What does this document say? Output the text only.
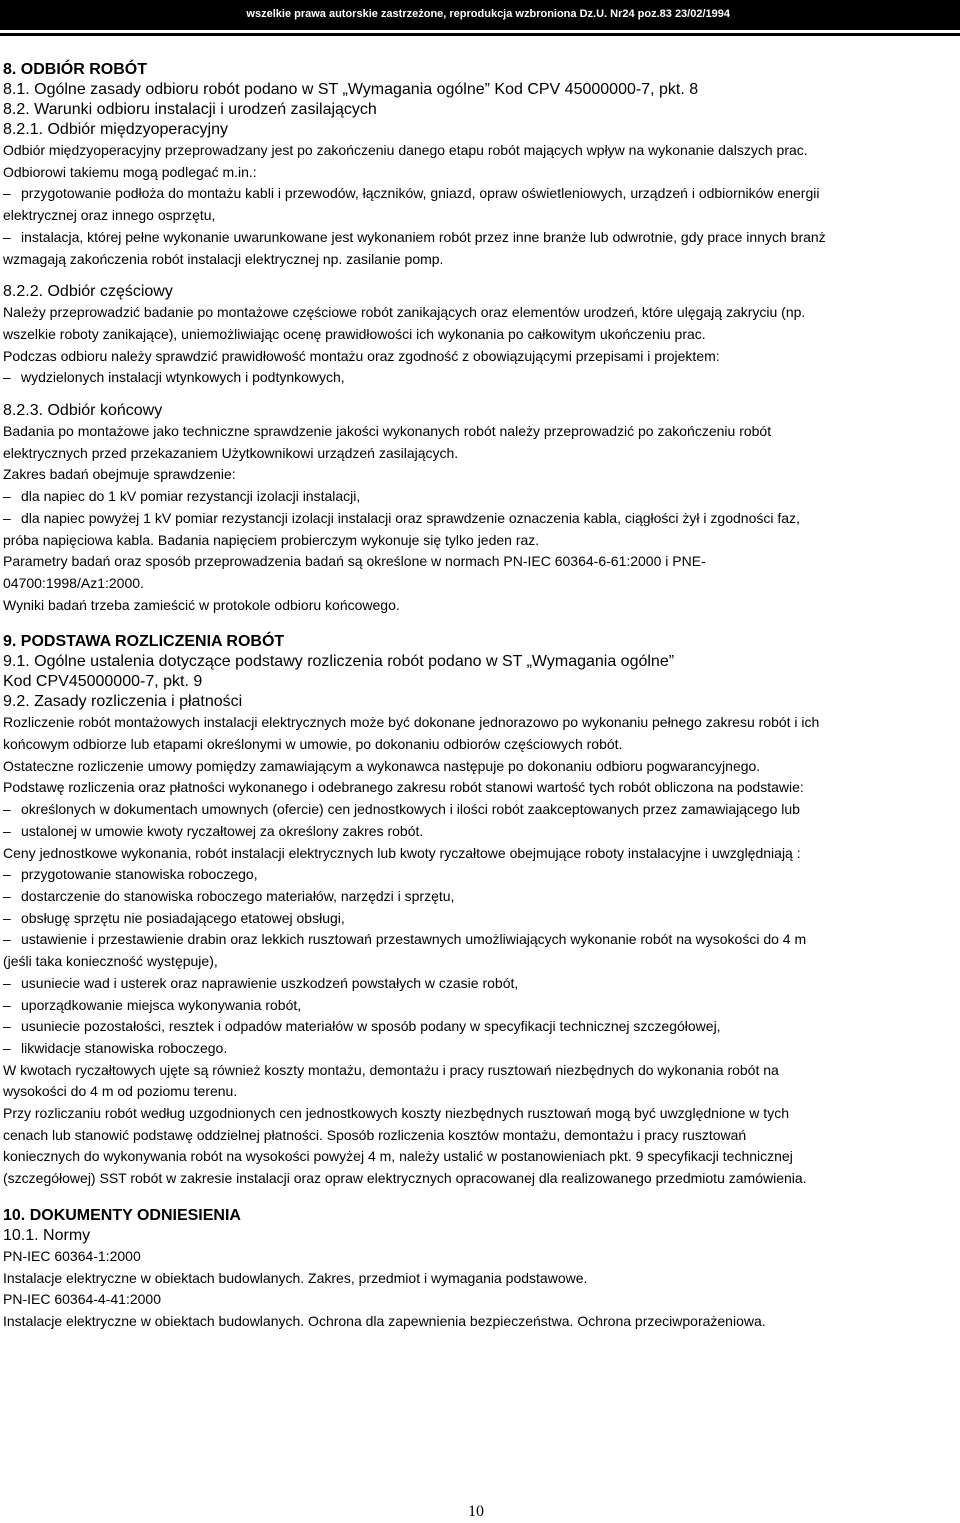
wszelkie prawa autorskie zastrzeżone, reprodukcja wzbroniona Dz.U. Nr24 poz.83 23/02/1994

8. ODBIÓR ROBÓT

8.1. Ogólne zasady odbioru robót podano w ST „Wymagania ogólne” Kod CPV 45000000-7, pkt. 8

8.2. Warunki odbioru instalacji i urodzeń zasilających

8.2.1. Odbiór międzyoperacyjny

Odbiór międzyoperacyjny przeprowadzany jest po zakończeniu danego etapu robót mających wpływ na wykonanie dalszych prac.

Odbiorowi takiemu mogą podlegać m.in.:

– przygotowanie podłoża do montażu kabli i przewodów, łączników, gniazd, opraw oświetleniowych, urządzeń i odbiorników energii

elektrycznej oraz innego osprzętu,

– instalacja, której pełne wykonanie uwarunkowane jest wykonaniem robót przez inne branże lub odwrotnie, gdy prace innych branż

wzmagają zakończenia robót instalacji elektrycznej np. zasilanie pomp.

8.2.2. Odbiór częściowy

Należy przeprowadzić badanie po montażowe częściowe robót zanikających oraz elementów urodzeń, które ulęgają zakryciu (np.

wszelkie roboty zanikające), uniemożliwiając ocenę prawidłowości ich wykonania po całkowitym ukończeniu prac.

Podczas odbioru należy sprawdzić prawidłowość montażu oraz zgodność z obowiązującymi przepisami i projektem:

– wydzielonych instalacji wtynkowych i podtynkowych,

8.2.3. Odbiór końcowy

Badania po montażowe jako techniczne sprawdzenie jakości wykonanych robót należy przeprowadzić po zakończeniu robót

elektrycznych przed przekazaniem Użytkownikowi urządzeń zasilających.

Zakres badań obejmuje sprawdzenie:

– dla napiec do 1 kV pomiar rezystancji izolacji instalacji,

– dla napiec powyżej 1 kV pomiar rezystancji izolacji instalacji oraz sprawdzenie oznaczenia kabla, ciągłości żył i zgodności faz,

próba napięciowa kabla. Badania napięciem probierczym wykonuje się tylko jeden raz.

Parametry badań oraz sposób przeprowadzenia badań są określone w normach PN-IEC 60364-6-61:2000 i PNE-

04700:1998/Az1:2000.

Wyniki badań trzeba zamieścić w protokole odbioru końcowego.

9. PODSTAWA ROZLICZENIA ROBÓT

9.1. Ogólne ustalenia dotyczące podstawy rozliczenia robót podano w ST „Wymagania ogólne”

Kod CPV45000000-7, pkt. 9

9.2. Zasady rozliczenia i płatności

Rozliczenie robót montażowych instalacji elektrycznych może być dokonane jednorazowo po wykonaniu pełnego zakresu robót i ich

końcowym odbiorze lub etapami określonymi w umowie, po dokonaniu odbiorów częściowych robót.

Ostateczne rozliczenie umowy pomiędzy zamawiającym a wykonawca następuje po dokonaniu odbioru pogwarancyjnego.

Podstawę rozliczenia oraz płatności wykonanego i odebranego zakresu robót stanowi wartość tych robót obliczona na podstawie:

– określonych w dokumentach umownych (ofercie) cen jednostkowych i ilości robót zaakceptowanych przez zamawiającego lub

– ustalonej w umowie kwoty ryczałtowej za określony zakres robót.

Ceny jednostkowe wykonania, robót instalacji elektrycznych lub kwoty ryczałtowe obejmujące roboty instalacyjne i uwzględniają :

– przygotowanie stanowiska roboczego,

– dostarczenie do stanowiska roboczego materiałów, narzędzi i sprzętu,

– obsługę sprzętu nie posiadającego etatowej obsługi,

– ustawienie i przestawienie drabin oraz lekkich rusztowań przestawnych umożliwiających wykonanie robót na wysokości do 4 m

(jeśli taka konieczność występuje),

– usuniecie wad i usterek oraz naprawienie uszkodzeń powstałych w czasie robót,

– uporządkowanie miejsca wykonywania robót,

– usuniecie pozostałości, resztek i odpadów materiałów w sposób podany w specyfikacji technicznej szczegółowej,

– likwidacje stanowiska roboczego.

W kwotach ryczałtowych ujęte są również koszty montażu, demontażu i pracy rusztowań niezbędnych do wykonania robót na

wysokości do 4 m od poziomu terenu.

Przy rozliczaniu robót według uzgodnionych cen jednostkowych koszty niezbędnych rusztowań mogą być uwzględnione w tych

cenach lub stanowić podstawę oddzielnej płatności. Sposób rozliczenia kosztów montażu, demontażu i pracy rusztowań

koniecznych do wykonywania robót na wysokości powyżej 4 m, należy ustalić w postanowieniach pkt. 9 specyfikacji technicznej

(szczegółowej) SST robót w zakresie instalacji oraz opraw elektrycznych opracowanej dla realizowanego przedmiotu zamówienia.

10. DOKUMENTY ODNIESIENIA

10.1. Normy

PN-IEC 60364-1:2000

Instalacje elektryczne w obiektach budowlanych. Zakres, przedmiot i wymagania podstawowe.

PN-IEC 60364-4-41:2000

Instalacje elektryczne w obiektach budowlanych. Ochrona dla zapewnienia bezpieczeństwa. Ochrona przeciwporażeniowa.

10
